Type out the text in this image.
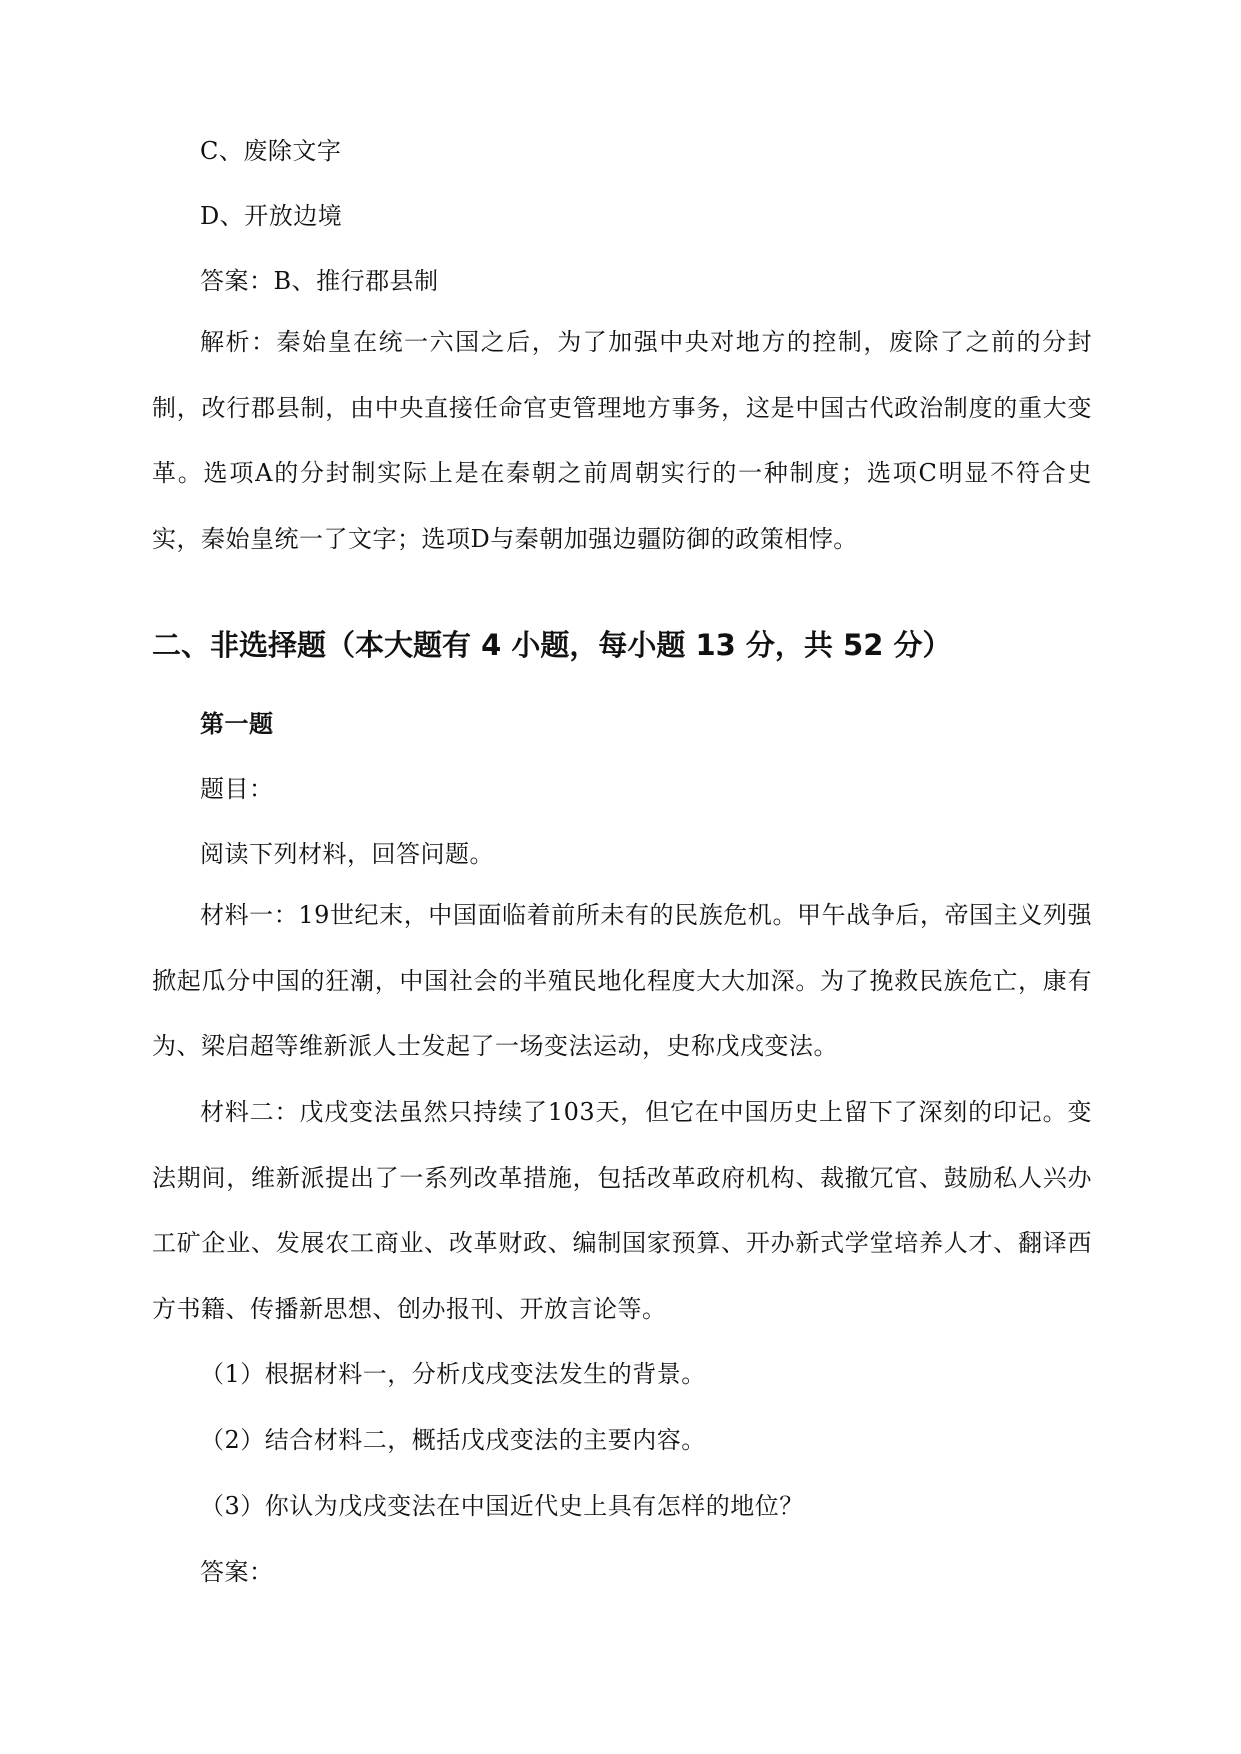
C、废除文字
D、开放边境
答案：B、推行郡县制
解析：秦始皇在统一六国之后，为了加强中央对地方的控制，废除了之前的分封制，改行郡县制，由中央直接任命官吏管理地方事务，这是中国古代政治制度的重大变革。选项A的分封制实际上是在秦朝之前周朝实行的一种制度；选项C明显不符合史实，秦始皇统一了文字；选项D与秦朝加强边疆防御的政策相悖。
二、非选择题（本大题有 4 小题，每小题 13 分，共 52 分）
第一题
题目：
阅读下列材料，回答问题。
材料一：19世纪末，中国面临着前所未有的民族危机。甲午战争后，帝国主义列强掀起瓜分中国的狂潮，中国社会的半殖民地化程度大大加深。为了挽救民族危亡，康有为、梁启超等维新派人士发起了一场变法运动，史称戊戌变法。
材料二：戊戌变法虽然只持续了103天，但它在中国历史上留下了深刻的印记。变法期间，维新派提出了一系列改革措施，包括改革政府机构、裁撤冗官、鼓励私人兴办工矿企业、发展农工商业、改革财政、编制国家预算、开办新式学堂培养人才、翻译西方书籍、传播新思想、创办报刊、开放言论等。
（1）根据材料一，分析戊戌变法发生的背景。
（2）结合材料二，概括戊戌变法的主要内容。
（3）你认为戊戌变法在中国近代史上具有怎样的地位？
答案：
